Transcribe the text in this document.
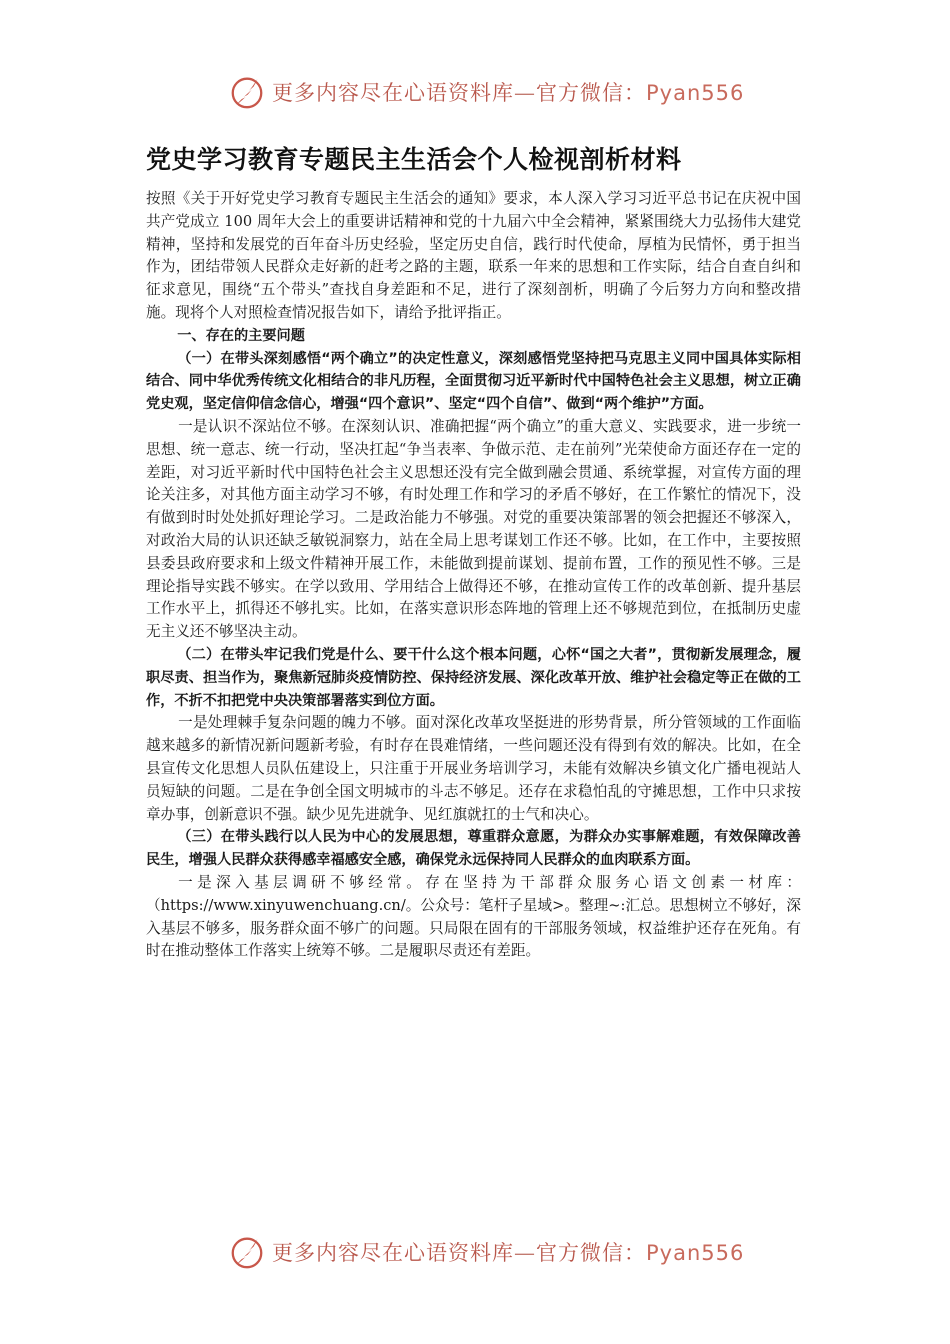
更多内容尽在心语资料库—官方微信：Pyan556
党史学习教育专题民主生活会个人检视剖析材料

按照《关于开好党史学习教育专题民主生活会的通知》要求，本人深入学习习近平总书记在庆祝中国共产党成立 100 周年大会上的重要讲话精神和党的十九届六中全会精神，紧紧围绕大力弘扬伟大建党精神，坚持和发展党的百年奋斗历史经验，坚定历史自信，践行时代使命，厚植为民情怀，勇于担当作为，团结带领人民群众走好新的赶考之路的主题，联系一年来的思想和工作实际，结合自查自纠和征求意见，围绕“五个带头”查找自身差距和不足，进行了深刻剖析，明确了今后努力方向和整改措施。现将个人对照检查情况报告如下，请给予批评指正。

一、存在的主要问题

（一）在带头深刻感悟“两个确立”的决定性意义，深刻感悟党坚持把马克思主义同中国具体实际相结合、同中华优秀传统文化相结合的非凡历程，全面贯彻习近平新时代中国特色社会主义思想，树立正确党史观，坚定信仰信念信心，增强“四个意识”、坚定“四个自信”、做到“两个维护”方面。

一是认识不深站位不够。在深刻认识、准确把握“两个确立”的重大意义、实践要求，进一步统一思想、统一意志、统一行动，坚决扛起“争当表率、争做示范、走在前列”光荣使命方面还存在一定的差距，对习近平新时代中国特色社会主义思想还没有完全做到融会贯通、系统掌握，对宣传方面的理论关注多，对其他方面主动学习不够，有时处理工作和学习的矛盾不够好，在工作繁忙的情况下，没有做到时时处处抓好理论学习。二是政治能力不够强。对党的重要决策部署的领会把握还不够深入，对政治大局的认识还缺乏敏锐洞察力，站在全局上思考谋划工作还不够。比如，在工作中，主要按照县委县政府要求和上级文件精神开展工作，未能做到提前谋划、提前布置，工作的预见性不够。三是理论指导实践不够实。在学以致用、学用结合上做得还不够，在推动宣传工作的改革创新、提升基层工作水平上，抓得还不够扎实。比如，在落实意识形态阵地的管理上还不够规范到位，在抵制历史虚无主义还不够坚决主动。

（二）在带头牢记我们党是什么、要干什么这个根本问题，心怀“国之大者”，贯彻新发展理念，履职尽责、担当作为，聚焦新冠肺炎疫情防控、保持经济发展、深化改革开放、维护社会稳定等正在做的工作，不折不扣把党中央决策部署落实到位方面。

一是处理棘手复杂问题的魄力不够。面对深化改革攻坚挺进的形势背景，所分管领域的工作面临越来越多的新情况新问题新考验，有时存在畏难情绪，一些问题还没有得到有效的解决。比如，在全县宣传文化思想人员队伍建设上，只注重于开展业务培训学习，未能有效解决乡镇文化广播电视站人员短缺的问题。二是在争创全国文明城市的斗志不够足。还存在求稳怕乱的守摊思想，工作中只求按章办事，创新意识不强。缺少见先进就争、见红旗就扛的士气和决心。

（三）在带头践行以人民为中心的发展思想，尊重群众意愿，为群众办实事解难题，有效保障改善民生，增强人民群众获得感幸福感安全感，确保党永远保持同人民群众的血肉联系方面。

一是深入基层调研不够经常。存在坚持为干部群众服务心语文创素一材库：（https://www.xinyuwenchuang.cn/。公众号：笔杆子星域>。整理~:汇总。思想树立不够好，深入基层不够多，服务群众面不够广的问题。只局限在固有的干部服务领域，权益维护还存在死角。有时在推动整体工作落实上统筹不够。二是履职尽责还有差距。

更多内容尽在心语资料库—官方微信：Pyan556
